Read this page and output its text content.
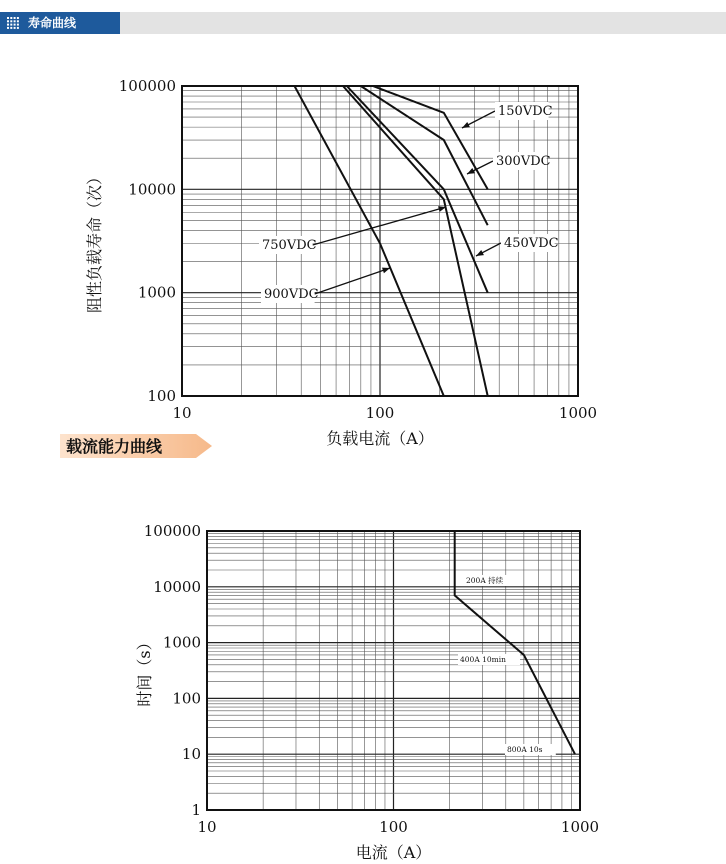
寿命曲线
载流能力曲线
10	100	1000
100
1000
10000
100000
负载电流（A）
阻性负载寿命（次）
10	100	1000
1
10
100
1000
10000
100000
电流（A）
时间（s）
150VDC
300VDC
450VDC
750VDC
900VDC
200A 持续
400A 10min
800A 10s
